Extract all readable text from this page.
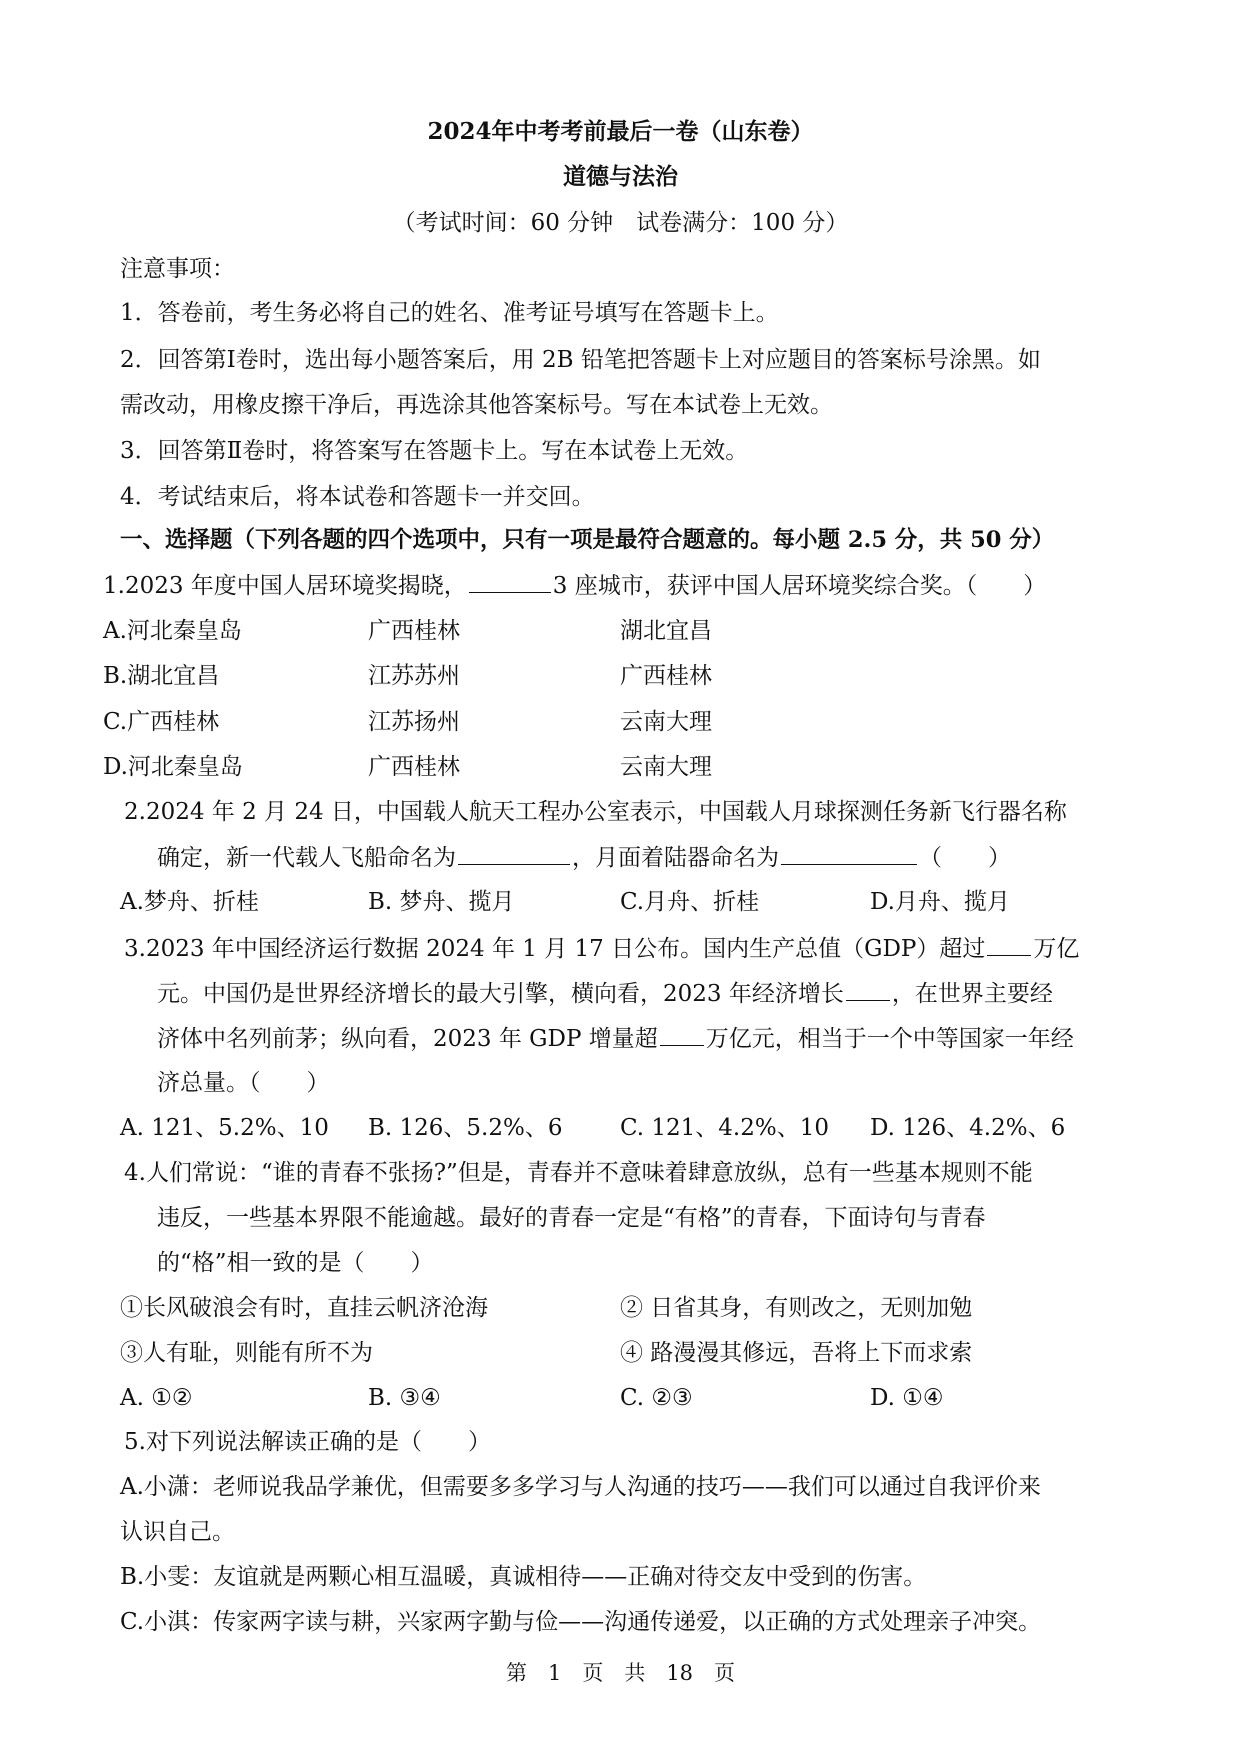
2024年中考考前最后一卷（山东卷）
道德与法治
（考试时间：60 分钟　试卷满分：100 分）
注意事项：
1．答卷前，考生务必将自己的姓名、准考证号填写在答题卡上。
2．回答第Ⅰ卷时，选出每小题答案后，用 2B 铅笔把答题卡上对应题目的答案标号涂黑。如
需改动，用橡皮擦干净后，再选涂其他答案标号。写在本试卷上无效。
3．回答第Ⅱ卷时，将答案写在答题卡上。写在本试卷上无效。
4．考试结束后，将本试卷和答题卡一并交回。
一、选择题（下列各题的四个选项中，只有一项是最符合题意的。每小题 2.5 分，共 50 分）
1.2023 年度中国人居环境奖揭晓，	3 座城市，获评中国人居环境奖综合奖。（　　）
A.河北秦皇岛	广西桂林	湖北宜昌
B.湖北宜昌	江苏苏州	广西桂林
C.广西桂林	江苏扬州	云南大理
D.河北秦皇岛	广西桂林	云南大理
2.2024 年 2 月 24 日，中国载人航天工程办公室表示，中国载人月球探测任务新飞行器名称
确定，新一代载人飞船命名为	，月面着陆器命名为	（　　）
A.梦舟、折桂	B. 梦舟、揽月	C.月舟、折桂	D.月舟、揽月
3.2023 年中国经济运行数据 2024 年 1 月 17 日公布。国内生产总值（GDP）超过 万亿
元。中国仍是世界经济增长的最大引擎，横向看，2023 年经济增长 ，在世界主要经
济体中名列前茅；纵向看，2023 年 GDP 增量超 万亿元，相当于一个中等国家一年经
济总量。（　　）
A. 121、5.2%、10 B. 126、5.2%、6	C. 121、4.2%、10 D. 126、4.2%、6
4.人们常说：“谁的青春不张扬?”但是，青春并不意味着肆意放纵，总有一些基本规则不能
违反，一些基本界限不能逾越。最好的青春一定是“有格”的青春，下面诗句与青春
的“格”相一致的是（　　）
①长风破浪会有时，直挂云帆济沧海	② 日省其身，有则改之，无则加勉
③人有耻，则能有所不为	④ 路漫漫其修远，吾将上下而求索
A. ①②	B. ③④	C. ②③	D. ①④
5.对下列说法解读正确的是（　　）
A.小潇：老师说我品学兼优，但需要多多学习与人沟通的技巧——我们可以通过自我评价来
认识自己。
B.小雯：友谊就是两颗心相互温暖，真诚相待——正确对待交友中受到的伤害。
C.小淇：传家两字读与耕，兴家两字勤与俭——沟通传递爱，以正确的方式处理亲子冲突。
第　1　页　共　18　页
